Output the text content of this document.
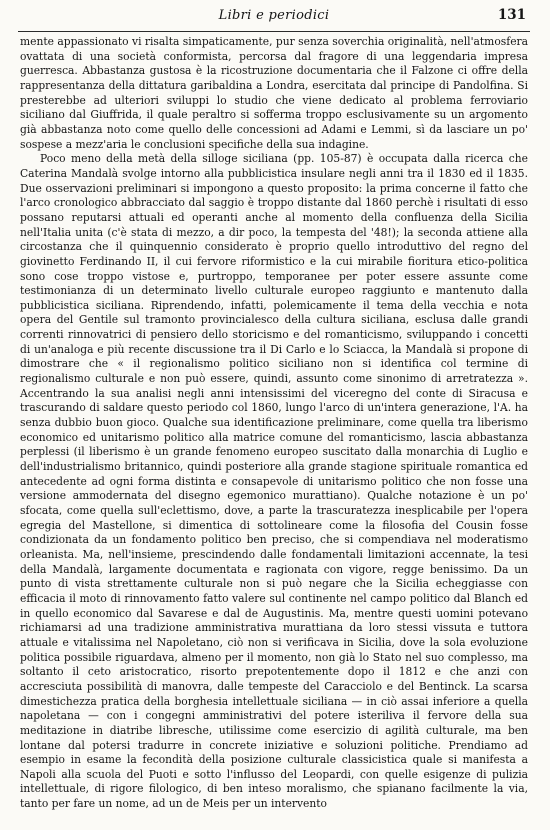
Libri e periodici	131

mente appassionato vi risalta simpaticamente, pur senza soverchia originalità, nell'atmosfera ovattata di una società conformista, percorsa dal fragore di una leggendaria impresa guerresca. Abbastanza gustosa è la ricostruzione documentaria che il Falzone ci offre della rappresentanza della dittatura garibaldina a Londra, esercitata dal principe di Pandolfina. Si presterebbe ad ulteriori sviluppi lo studio che viene dedicato al problema ferroviario siciliano dal Giuffrida, il quale peraltro si sofferma troppo esclusivamente su un argomento già abbastanza noto come quello delle concessioni ad Adami e Lemmi, sì da lasciare un po' sospese a mezz'aria le conclusioni specifiche della sua indagine.

Poco meno della metà della silloge siciliana (pp. 105-87) è occupata dalla ricerca che Caterina Mandalà svolge intorno alla pubblicistica insulare negli anni tra il 1830 ed il 1835. Due osservazioni preliminari si impongono a questo proposito: la prima concerne il fatto che l'arco cronologico abbracciato dal saggio è troppo distante dal 1860 perchè i risultati di esso possano reputarsi attuali ed operanti anche al momento della confluenza della Sicilia nell'Italia unita (c'è stata di mezzo, a dir poco, la tempesta del '48!); la seconda attiene alla circostanza che il quinquennio considerato è proprio quello introduttivo del regno del giovinetto Ferdinando II, il cui fervore riformistico e la cui mirabile fioritura etico-politica sono cose troppo vistose e, purtroppo, temporanee per poter essere assunte come testimonianza di un determinato livello culturale europeo raggiunto e mantenuto dalla pubblicistica siciliana. Riprendendo, infatti, polemicamente il tema della vecchia e nota opera del Gentile sul tramonto provincialesco della cultura siciliana, esclusa dalle grandi correnti rinnovatrici di pensiero dello storicismo e del romanticismo, sviluppando i concetti di un'analoga e più recente discussione tra il Di Carlo e lo Sciacca, la Mandalà si propone di dimostrare che « il regionalismo politico siciliano non si identifica col termine di regionalismo culturale e non può essere, quindi, assunto come sinonimo di arretratezza ». Accentrando la sua analisi negli anni intensissimi del viceregno del conte di Siracusa e trascurando di saldare questo periodo col 1860, lungo l'arco di un'intera generazione, l'A. ha senza dubbio buon gioco. Qualche sua identificazione preliminare, come quella tra liberismo economico ed unitarismo politico alla matrice comune del romanticismo, lascia abbastanza perplessi (il liberismo è un grande fenomeno europeo suscitato dalla monarchia di Luglio e dell'industrialismo britannico, quindi posteriore alla grande stagione spirituale romantica ed antecedente ad ogni forma distinta e consapevole di unitarismo politico che non fosse una versione ammodernata del disegno egemonico murattiano). Qualche notazione è un po' sfocata, come quella sull'eclettismo, dove, a parte la trascuratezza inesplicabile per l'opera egregia del Mastellone, si dimentica di sottolineare come la filosofia del Cousin fosse condizionata da un fondamento politico ben preciso, che si compendiava nel moderatismo orleanista. Ma, nell'insieme, prescindendo dalle fondamentali limitazioni accennate, la tesi della Mandalà, largamente documentata e ragionata con vigore, regge benissimo. Da un punto di vista strettamente culturale non si può negare che la Sicilia echeggiasse con efficacia il moto di rinnovamento fatto valere sul continente nel campo politico dal Blanch ed in quello economico dal Savarese e dal de Augustinis. Ma, mentre questi uomini potevano richiamarsi ad una tradizione amministrativa murattiana da loro stessi vissuta e tuttora attuale e vitalissima nel Napoletano, ciò non si verificava in Sicilia, dove la sola evoluzione politica possibile riguardava, almeno per il momento, non già lo Stato nel suo complesso, ma soltanto il ceto aristocratico, risorto prepotentemente dopo il 1812 e che anzi con accresciuta possibilità di manovra, dalle tempeste del Caracciolo e del Bentinck. La scarsa dimestichezza pratica della borghesia intellettuale siciliana — in ciò assai inferiore a quella napoletana — con i congegni amministrativi del potere isteriliva il fervore della sua meditazione in diatribe libresche, utilissime come esercizio di agilità culturale, ma ben lontane dal potersi tradurre in concrete iniziative e soluzioni politiche. Prendiamo ad esempio in esame la fecondità della posizione culturale classicistica quale si manifesta a Napoli alla scuola del Puoti e sotto l'influsso del Leopardi, con quelle esigenze di pulizia intellettuale, di rigore filologico, di ben inteso moralismo, che spianano facilmente la via, tanto per fare un nome, ad un de Meis per un intervento
